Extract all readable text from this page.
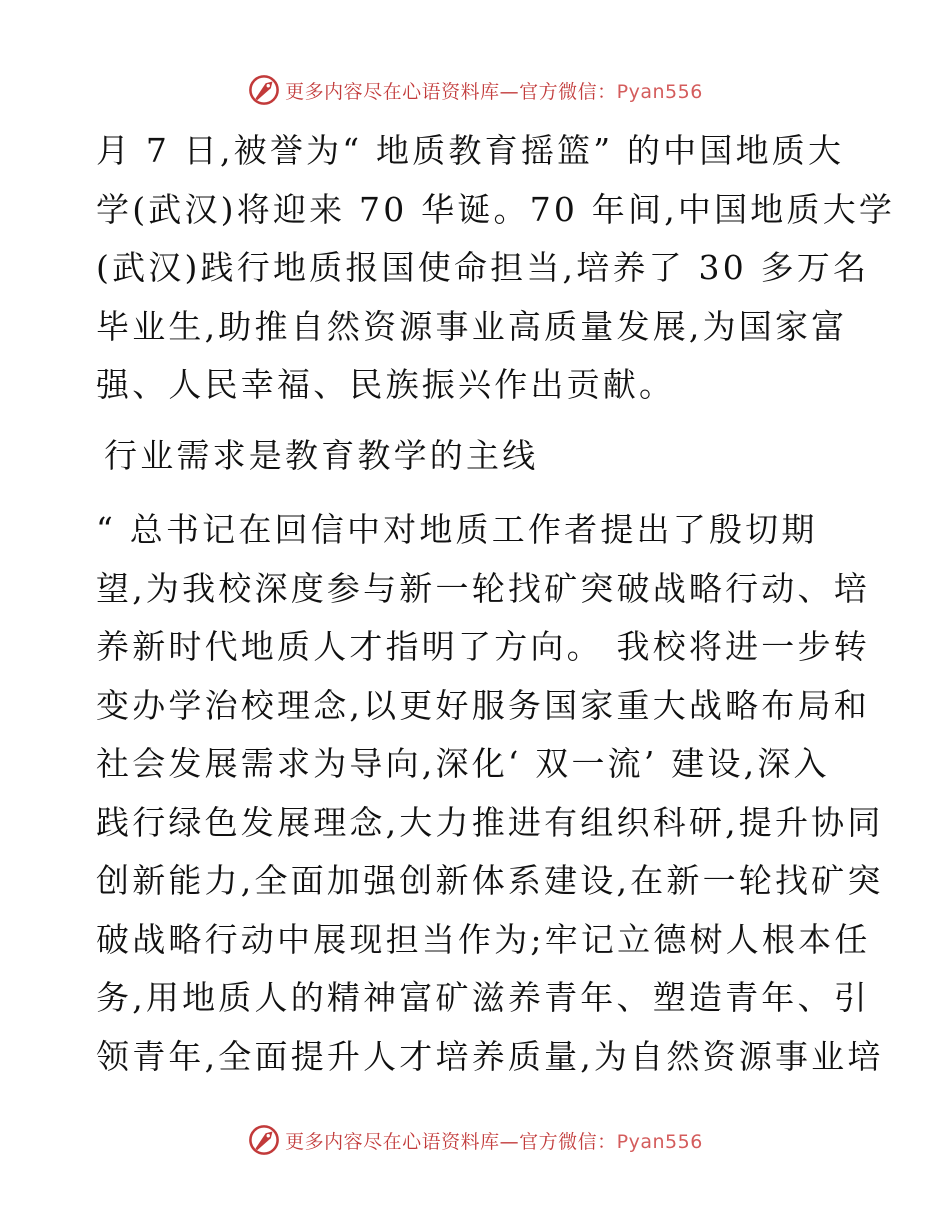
更多内容尽在心语资料库—官方微信：Pyan556

月 7 日,被誉为“ 地质教育摇篮” 的中国地质大
学(武汉)将迎来 70 华诞。70 年间,中国地质大学
(武汉)践行地质报国使命担当,培养了 30 多万名
毕业生,助推自然资源事业高质量发展,为国家富
强、人民幸福、民族振兴作出贡献。

行业需求是教育教学的主线

“ 总书记在回信中对地质工作者提出了殷切期
望,为我校深度参与新一轮找矿突破战略行动、培
养新时代地质人才指明了方向。 我校将进一步转
变办学治校理念,以更好服务国家重大战略布局和
社会发展需求为导向,深化‘ 双一流’ 建设,深入
践行绿色发展理念,大力推进有组织科研,提升协同
创新能力,全面加强创新体系建设,在新一轮找矿突
破战略行动中展现担当作为;牢记立德树人根本任
务,用地质人的精神富矿滋养青年、塑造青年、引
领青年,全面提升人才培养质量,为自然资源事业培

更多内容尽在心语资料库—官方微信：Pyan556
